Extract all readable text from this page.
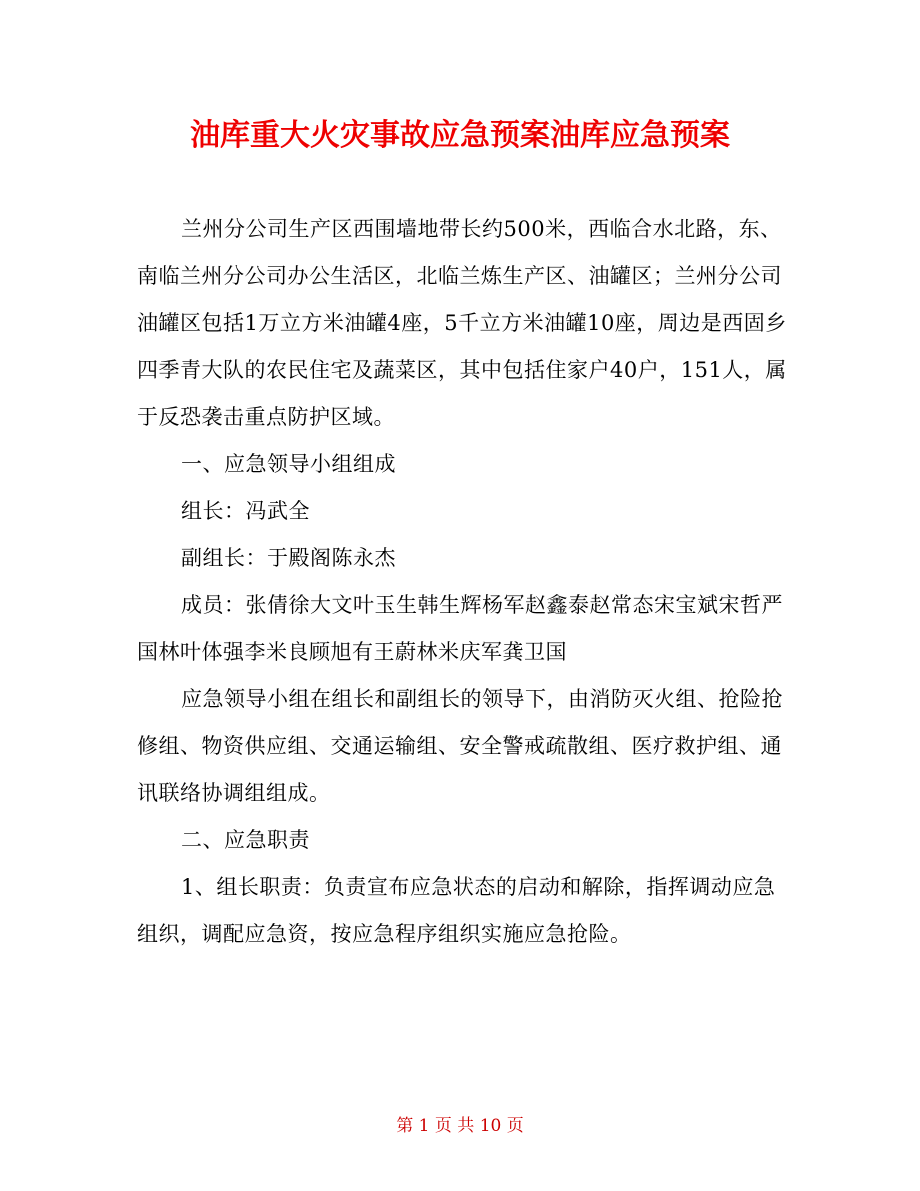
油库重大火灾事故应急预案油库应急预案

兰州分公司生产区西围墙地带长约500米，西临合水北路，东、南临兰州分公司办公生活区，北临兰炼生产区、油罐区；兰州分公司油罐区包括1万立方米油罐4座，5千立方米油罐10座，周边是西固乡四季青大队的农民住宅及蔬菜区，其中包括住家户40户，151人，属于反恐袭击重点防护区域。

一、应急领导小组组成

组长：冯武全

副组长：于殿阁陈永杰

成员：张倩徐大文叶玉生韩生辉杨军赵鑫泰赵常态宋宝斌宋哲严国林叶体强李米良顾旭有王蔚林米庆军龚卫国

应急领导小组在组长和副组长的领导下，由消防灭火组、抢险抢修组、物资供应组、交通运输组、安全警戒疏散组、医疗救护组、通讯联络协调组组成。

二、应急职责

1、组长职责：负责宣布应急状态的启动和解除，指挥调动应急组织，调配应急资，按应急程序组织实施应急抢险。

第 1 页 共 10 页
